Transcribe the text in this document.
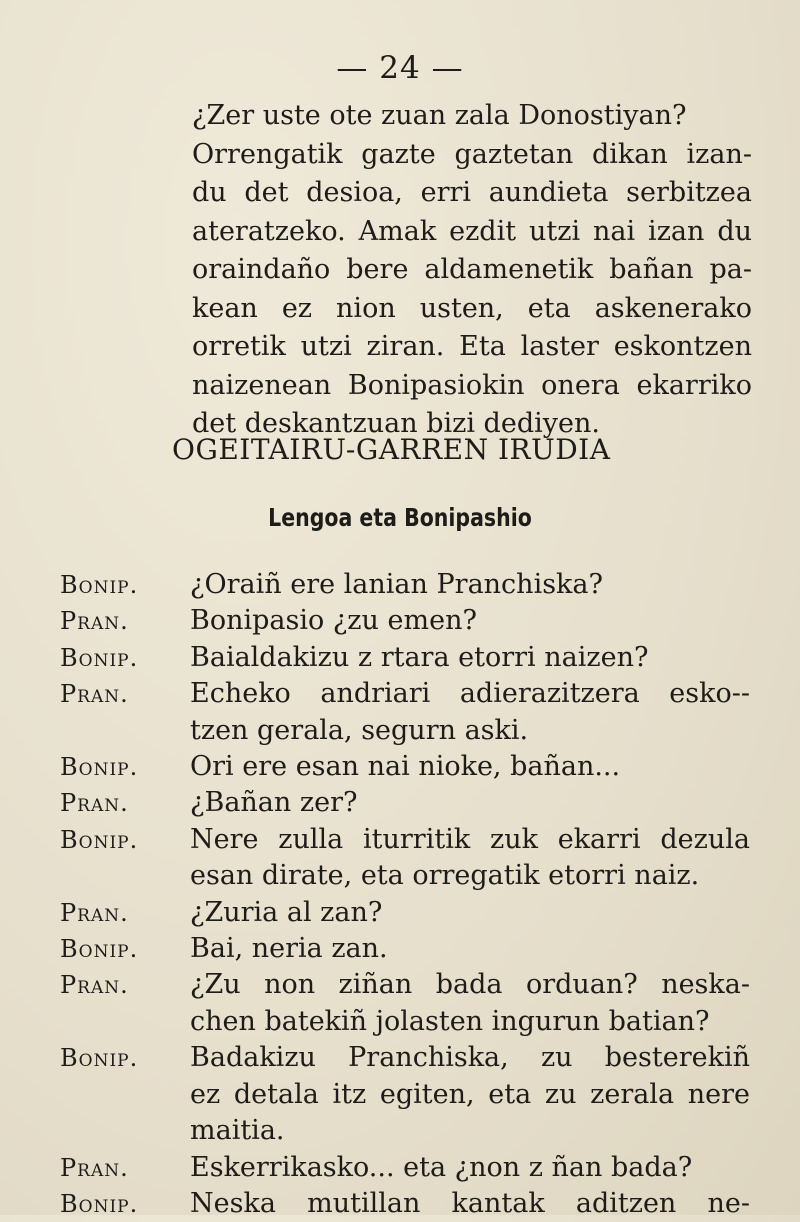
— 24 —
¿Zer uste ote zuan zala Donostiyan?
Orrengatik gazte gaztetan dikan izan-
du det desioa, erri aundieta serbitzea
ateratzeko. Amak ezdit utzi nai izan du
oraindaño bere aldamenetik bañan pa-
kean ez nion usten, eta askenerako
orretik utzi ziran. Eta laster eskontzen
naizenean Bonipasiokin onera ekarriko
det deskantzuan bizi dediyen.
OGEITAIRU-GARREN IRUDIA
Lengoa eta Bonipashio
Bonip.	¿Oraiñ ere lanian Pranchiska?
Pran.	Bonipasio ¿zu emen?
Bonip.	Baialdakizu z rtara etorri naizen?
Pran.	Echeko andriari adierazitzera esko--
tzen gerala, segurn aski.
Bonip.	Ori ere esan nai nioke, bañan...
Pran.	¿Bañan zer?
Bonip.	Nere zulla iturritik zuk ekarri dezula
esan dirate, eta orregatik etorri naiz.
Pran.	¿Zuria al zan?
Bonip.	Bai, neria zan.
Pran.	¿Zu non ziñan bada orduan? neska-
chen batekiñ jolasten ingurun batian?
Bonip.	Badakizu Pranchiska, zu besterekiñ
ez detala itz egiten, eta zu zerala nere
maitia.
Pran.	Eskerrikasko... eta ¿non z ñan bada?
Bonip.	Neska mutillan kantak aditzen ne-
